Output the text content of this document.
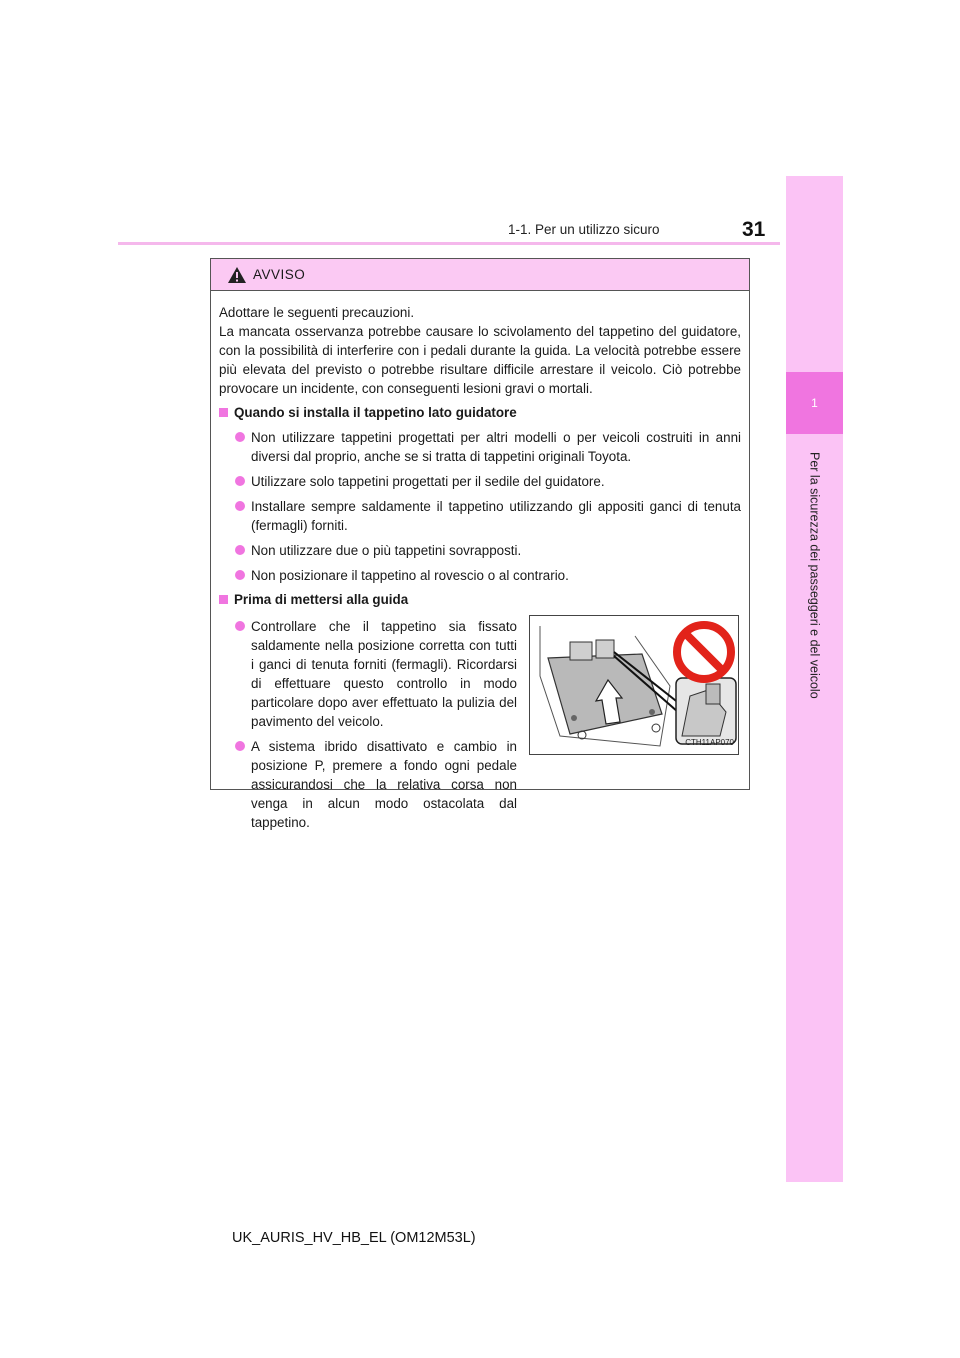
31
1-1. Per un utilizzo sicuro
1
Per la sicurezza dei passeggeri e del veicolo
AVVISO

Adottare le seguenti precauzioni.

La mancata osservanza potrebbe causare lo scivolamento del tappetino del guidatore, con la possibilità di interferire con i pedali durante la guida. La velocità potrebbe essere più elevata del previsto o potrebbe risultare difficile arrestare il veicolo. Ciò potrebbe provocare un incidente, con conseguenti lesioni gravi o mortali.

Quando si installa il tappetino lato guidatore
Non utilizzare tappetini progettati per altri modelli o per veicoli costruiti in anni diversi dal proprio, anche se si tratta di tappetini originali Toyota.
Utilizzare solo tappetini progettati per il sedile del guidatore.
Installare sempre saldamente il tappetino utilizzando gli appositi ganci di tenuta (fermagli) forniti.
Non utilizzare due o più tappetini sovrapposti.
Non posizionare il tappetino al rovescio o al contrario.
Prima di mettersi alla guida
Controllare che il tappetino sia fissato saldamente nella posizione corretta con tutti i ganci di tenuta forniti (fermagli). Ricordarsi di effettuare questo controllo in modo particolare dopo aver effettuato la pulizia del pavimento del veicolo.
A sistema ibrido disattivato e cambio in posizione P, premere a fondo ogni pedale assicurandosi che la relativa corsa non venga in alcun modo ostacolata dal tappetino.
CTH11AP070
UK_AURIS_HV_HB_EL (OM12M53L)
